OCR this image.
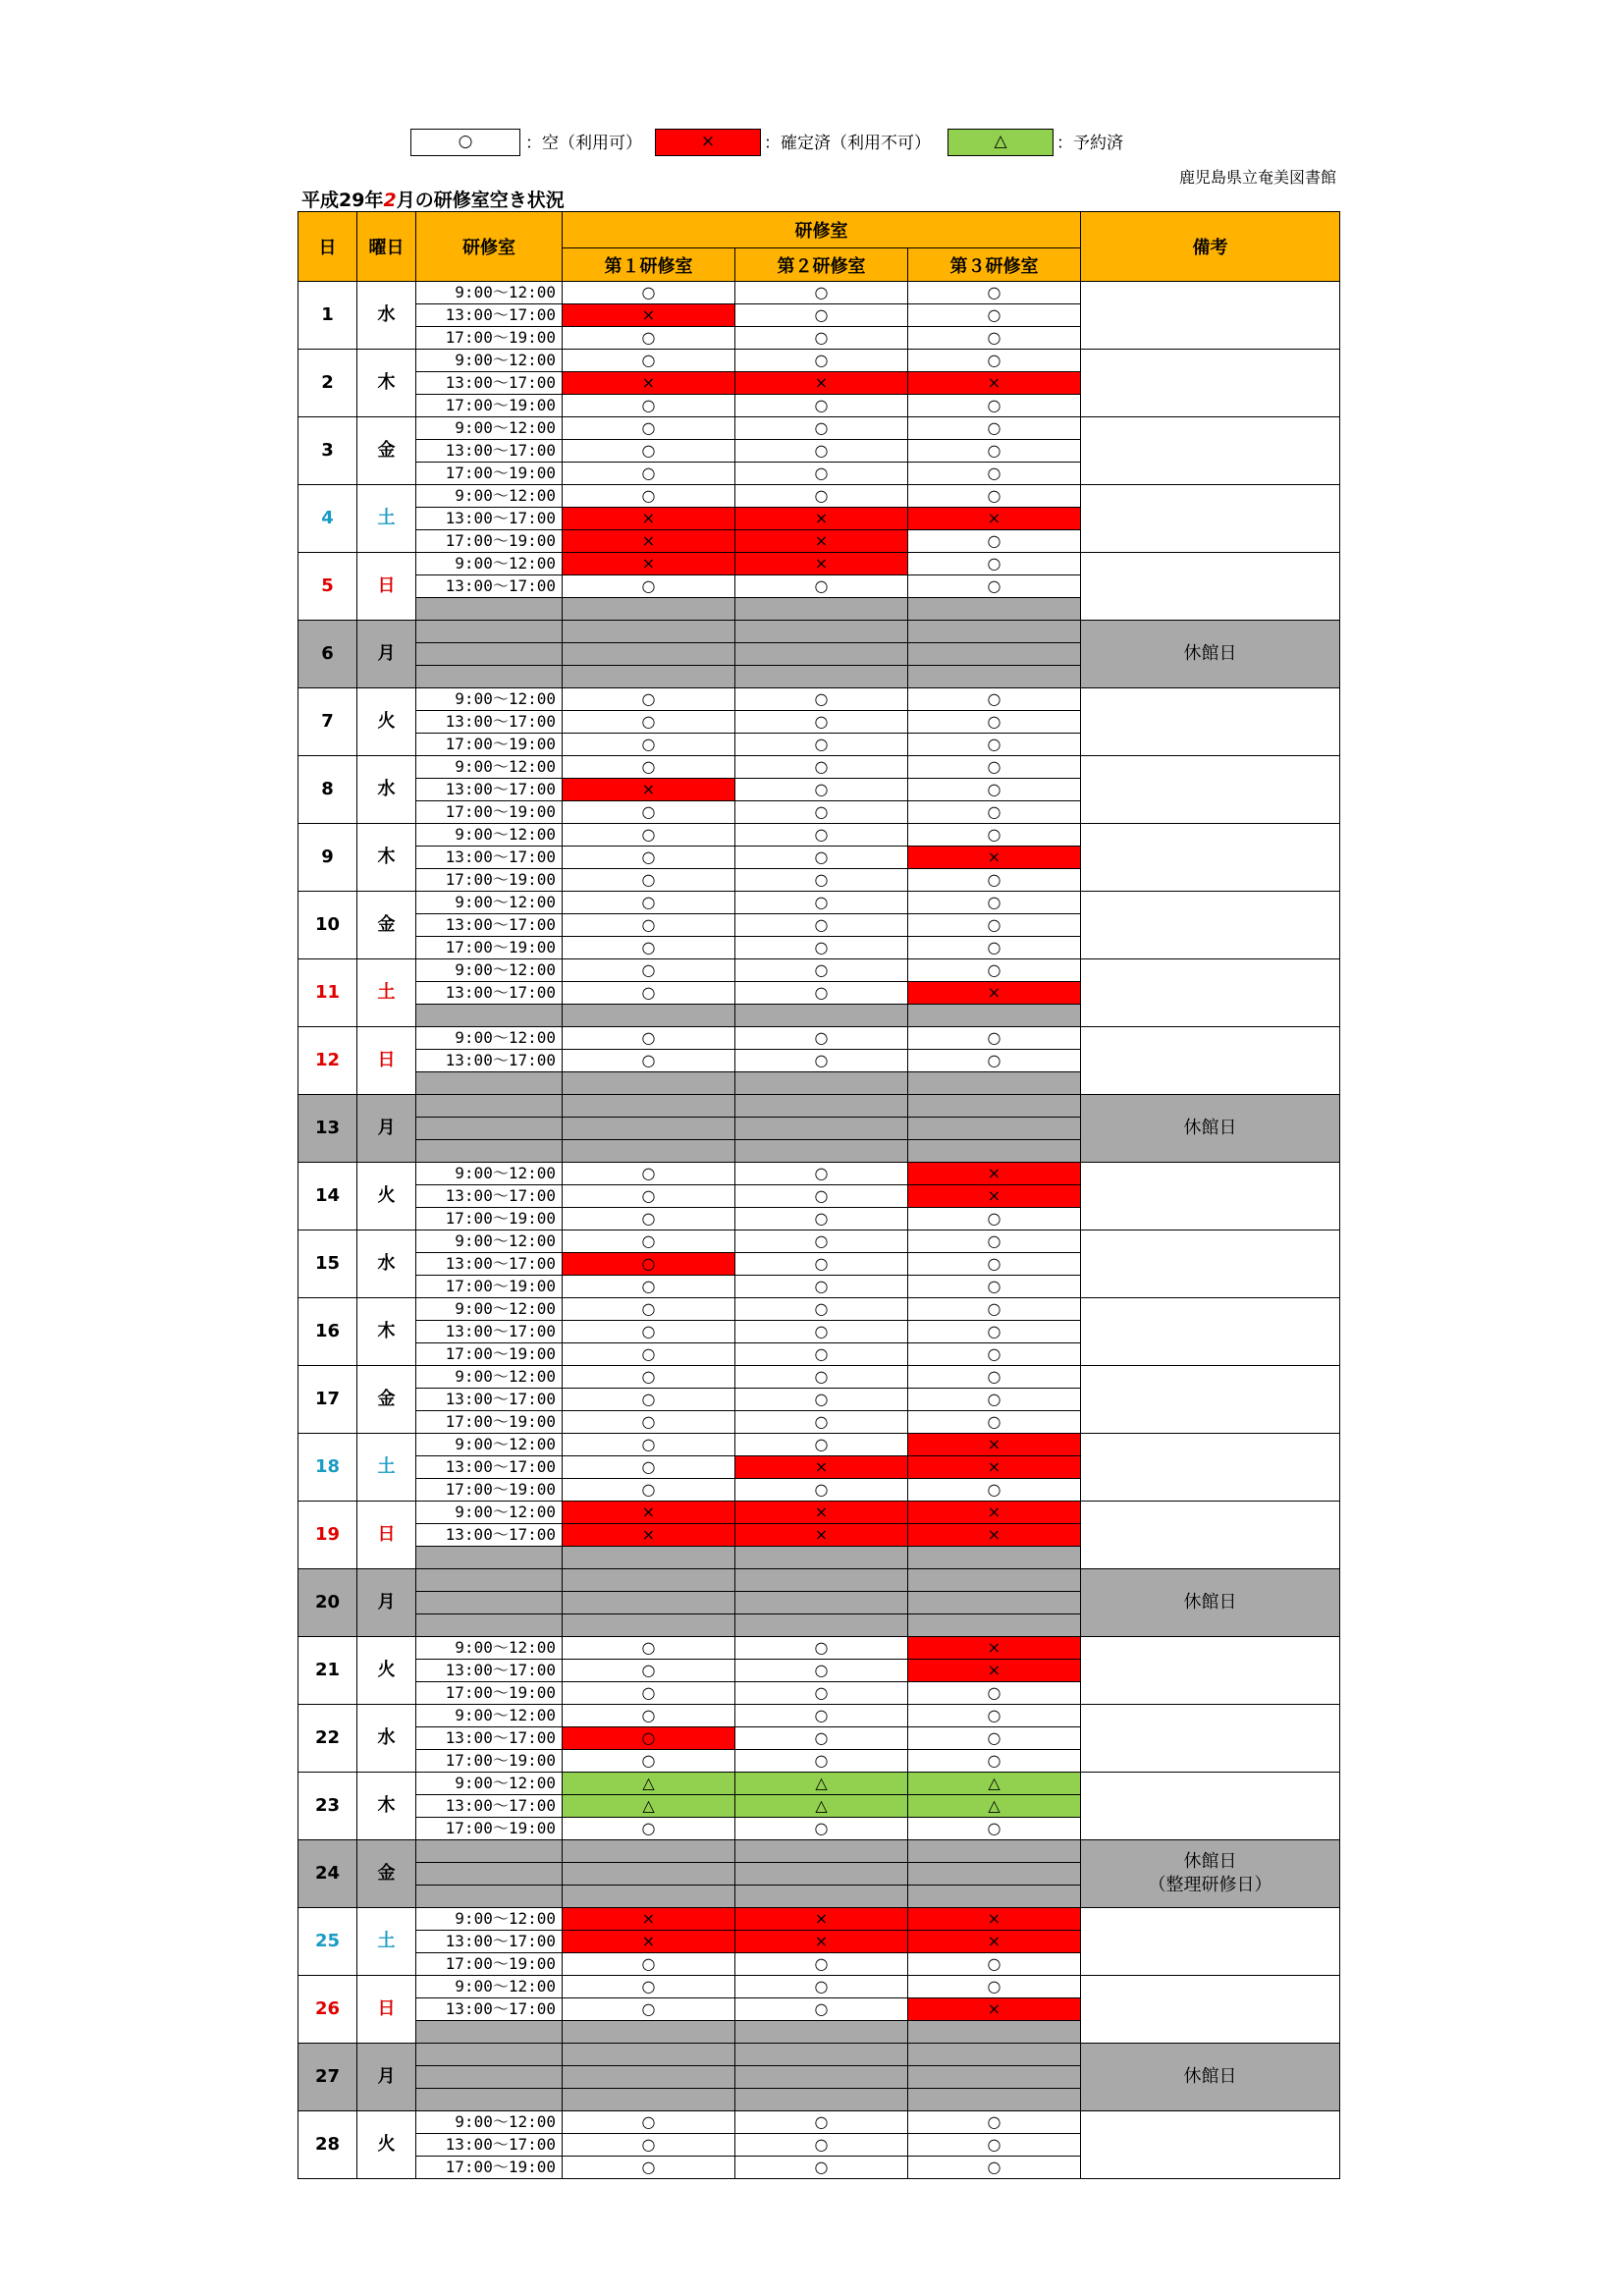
○	：空（利用可）	×	：確定済（利用不可）	△	：予約済
鹿児島県立奄美図書館
平成29年2月の研修室空き状況
日	曜日	研修室	研修室			備考
			第１研修室	第２研修室	第３研修室	
1	水	9:00～12:00	○	○	○	
		13:00～17:00	×	○	○	
		17:00～19:00	○	○	○	
2	木	9:00～12:00	○	○	○	
		13:00～17:00	×	×	×	
		17:00～19:00	○	○	○	
3	金	9:00～12:00	○	○	○	
		13:00～17:00	○	○	○	
		17:00～19:00	○	○	○	
4	土	9:00～12:00	○	○	○	
		13:00～17:00	×	×	×	
		17:00～19:00	×	×	○	
5	日	9:00～12:00	×	×	○	
		13:00～17:00	○	○	○	

6	月					休館日

7	火	9:00～12:00	○	○	○	
		13:00～17:00	○	○	○	
		17:00～19:00	○	○	○	
8	水	9:00～12:00	○	○	○	
		13:00～17:00	×	○	○	
		17:00～19:00	○	○	○	
9	木	9:00～12:00	○	○	○	
		13:00～17:00	○	○	×	
		17:00～19:00	○	○	○	
10	金	9:00～12:00	○	○	○	
		13:00～17:00	○	○	○	
		17:00～19:00	○	○	○	
11	土	9:00～12:00	○	○	○	
		13:00～17:00	○	○	×	

12	日	9:00～12:00	○	○	○	
		13:00～17:00	○	○	○	

13	月					休館日

14	火	9:00～12:00	○	○	×	
		13:00～17:00	○	○	×	
		17:00～19:00	○	○	○	
15	水	9:00～12:00	○	○	○	
		13:00～17:00	○	○	○	
		17:00～19:00	○	○	○	
16	木	9:00～12:00	○	○	○	
		13:00～17:00	○	○	○	
		17:00～19:00	○	○	○	
17	金	9:00～12:00	○	○	○	
		13:00～17:00	○	○	○	
		17:00～19:00	○	○	○	
18	土	9:00～12:00	○	○	×	
		13:00～17:00	○	×	×	
		17:00～19:00	○	○	○	
19	日	9:00～12:00	×	×	×	
		13:00～17:00	×	×	×	

20	月					休館日

21	火	9:00～12:00	○	○	×	
		13:00～17:00	○	○	×	
		17:00～19:00	○	○	○	
22	水	9:00～12:00	○	○	○	
		13:00～17:00	○	○	○	
		17:00～19:00	○	○	○	
23	木	9:00～12:00	△	△	△	
		13:00～17:00	△	△	△	
		17:00～19:00	○	○	○	
24	金					休館日
（整理研修日）

25	土	9:00～12:00	×	×	×	
		13:00～17:00	×	×	×	
		17:00～19:00	○	○	○	
26	日	9:00～12:00	○	○	○	
		13:00～17:00	○	○	×	

27	月					休館日

28	火	9:00～12:00	○	○	○	
		13:00～17:00	○	○	○	
		17:00～19:00	○	○	○	
